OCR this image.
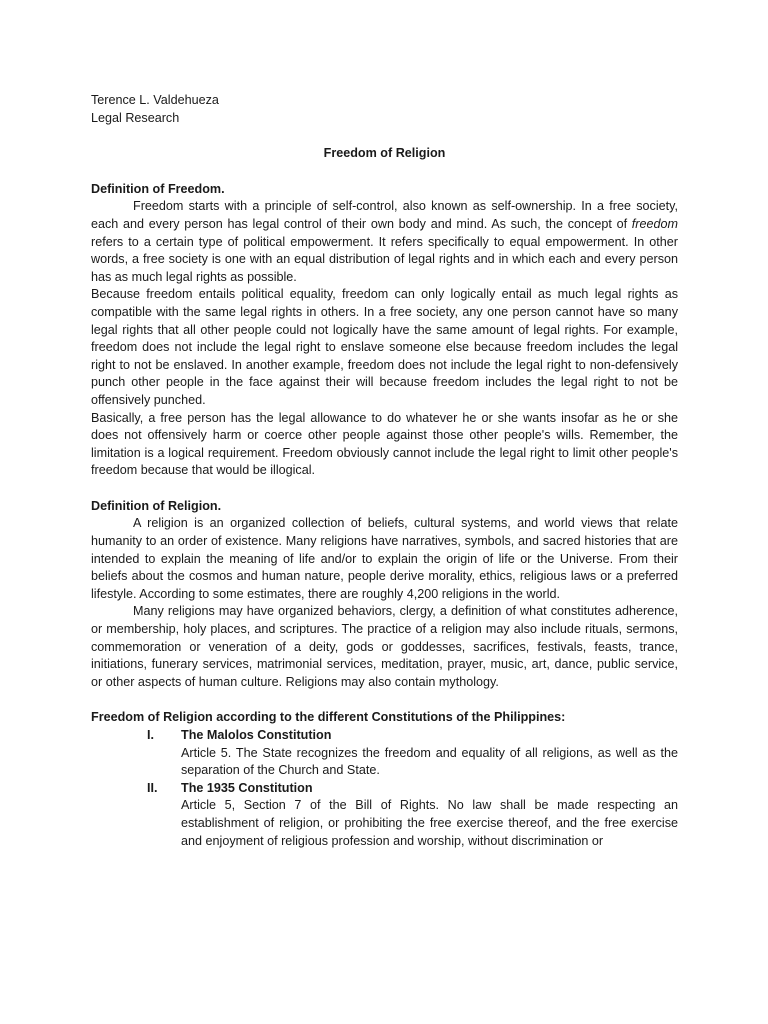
Terence L. Valdehueza

Legal Research

Freedom of Religion

Definition of Freedom.

Freedom starts with a principle of self-control, also known as self-ownership. In a free society, each and every person has legal control of their own body and mind. As such, the concept of freedom refers to a certain type of political empowerment. It refers specifically to equal empowerment. In other words, a free society is one with an equal distribution of legal rights and in which each and every person has as much legal rights as possible.

Because freedom entails political equality, freedom can only logically entail as much legal rights as compatible with the same legal rights in others. In a free society, any one person cannot have so many legal rights that all other people could not logically have the same amount of legal rights. For example, freedom does not include the legal right to enslave someone else because freedom includes the legal right to not be enslaved. In another example, freedom does not include the legal right to non-defensively punch other people in the face against their will because freedom includes the legal right to not be offensively punched.

Basically, a free person has the legal allowance to do whatever he or she wants insofar as he or she does not offensively harm or coerce other people against those other people's wills. Remember, the limitation is a logical requirement. Freedom obviously cannot include the legal right to limit other people's freedom because that would be illogical.

Definition of Religion.

A religion is an organized collection of beliefs, cultural systems, and world views that relate humanity to an order of existence. Many religions have narratives, symbols, and sacred histories that are intended to explain the meaning of life and/or to explain the origin of life or the Universe. From their beliefs about the cosmos and human nature, people derive morality, ethics, religious laws or a preferred lifestyle. According to some estimates, there are roughly 4,200 religions in the world.

Many religions may have organized behaviors, clergy, a definition of what constitutes adherence, or membership, holy places, and scriptures. The practice of a religion may also include rituals, sermons, commemoration or veneration of a deity, gods or goddesses, sacrifices, festivals, feasts, trance, initiations, funerary services, matrimonial services, meditation, prayer, music, art, dance, public service, or other aspects of human culture. Religions may also contain mythology.

Freedom of Religion according to the different Constitutions of the Philippines:

I.	The Malolos Constitution

Article 5. The State recognizes the freedom and equality of all religions, as well as the separation of the Church and State.

II.	The 1935 Constitution

Article 5, Section 7 of the Bill of Rights. No law shall be made respecting an establishment of religion, or prohibiting the free exercise thereof, and the free exercise and enjoyment of religious profession and worship, without discrimination or
